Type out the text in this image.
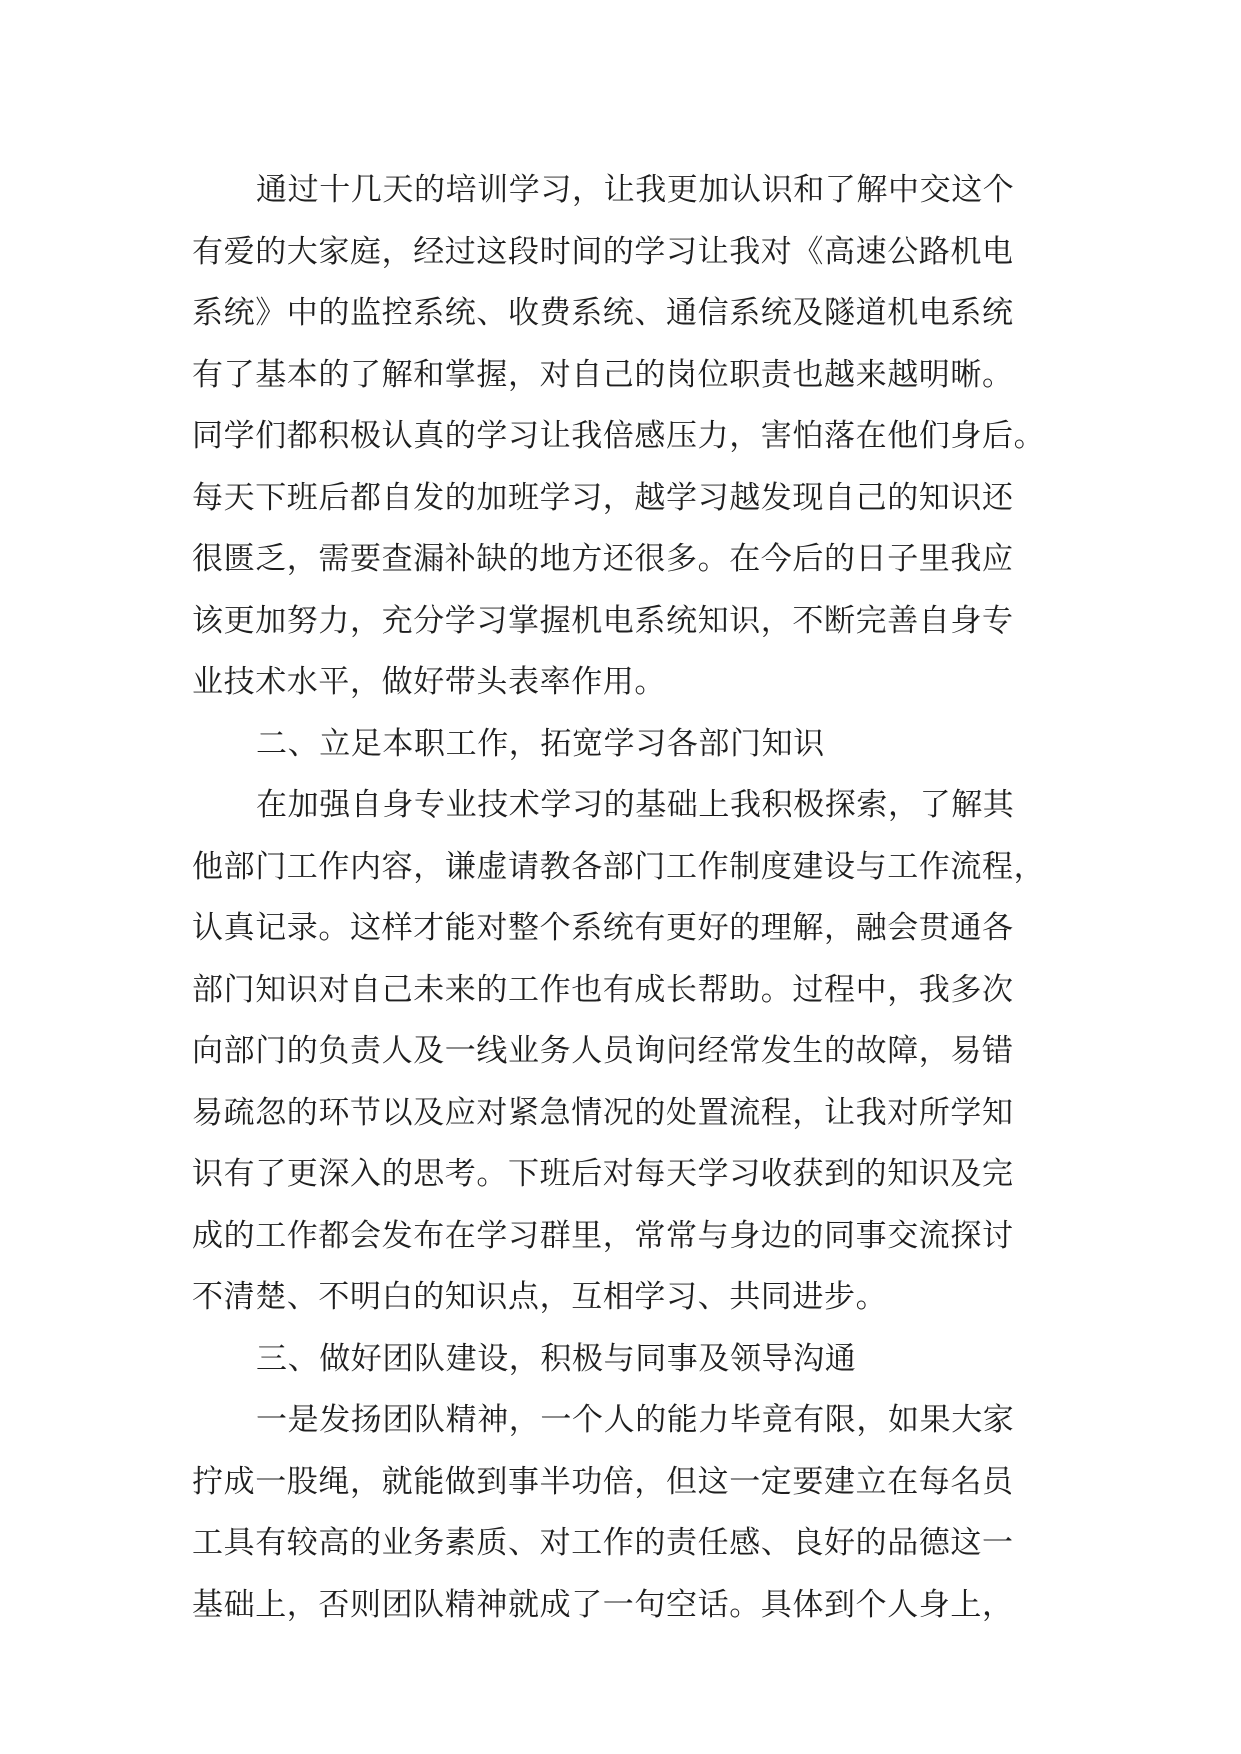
通过十几天的培训学习，让我更加认识和了解中交这个
有爱的大家庭，经过这段时间的学习让我对《高速公路机电
系统》中的监控系统、收费系统、通信系统及隧道机电系统
有了基本的了解和掌握，对自己的岗位职责也越来越明晰。
同学们都积极认真的学习让我倍感压力，害怕落在他们身后。
每天下班后都自发的加班学习，越学习越发现自己的知识还
很匮乏，需要查漏补缺的地方还很多。在今后的日子里我应
该更加努力，充分学习掌握机电系统知识，不断完善自身专
业技术水平，做好带头表率作用。
二、立足本职工作，拓宽学习各部门知识
在加强自身专业技术学习的基础上我积极探索，了解其
他部门工作内容，谦虚请教各部门工作制度建设与工作流程，
认真记录。这样才能对整个系统有更好的理解，融会贯通各
部门知识对自己未来的工作也有成长帮助。过程中，我多次
向部门的负责人及一线业务人员询问经常发生的故障，易错
易疏忽的环节以及应对紧急情况的处置流程，让我对所学知
识有了更深入的思考。下班后对每天学习收获到的知识及完
成的工作都会发布在学习群里，常常与身边的同事交流探讨
不清楚、不明白的知识点，互相学习、共同进步。
三、做好团队建设，积极与同事及领导沟通
一是发扬团队精神，一个人的能力毕竟有限，如果大家
拧成一股绳，就能做到事半功倍，但这一定要建立在每名员
工具有较高的业务素质、对工作的责任感、良好的品德这一
基础上，否则团队精神就成了一句空话。具体到个人身上，
